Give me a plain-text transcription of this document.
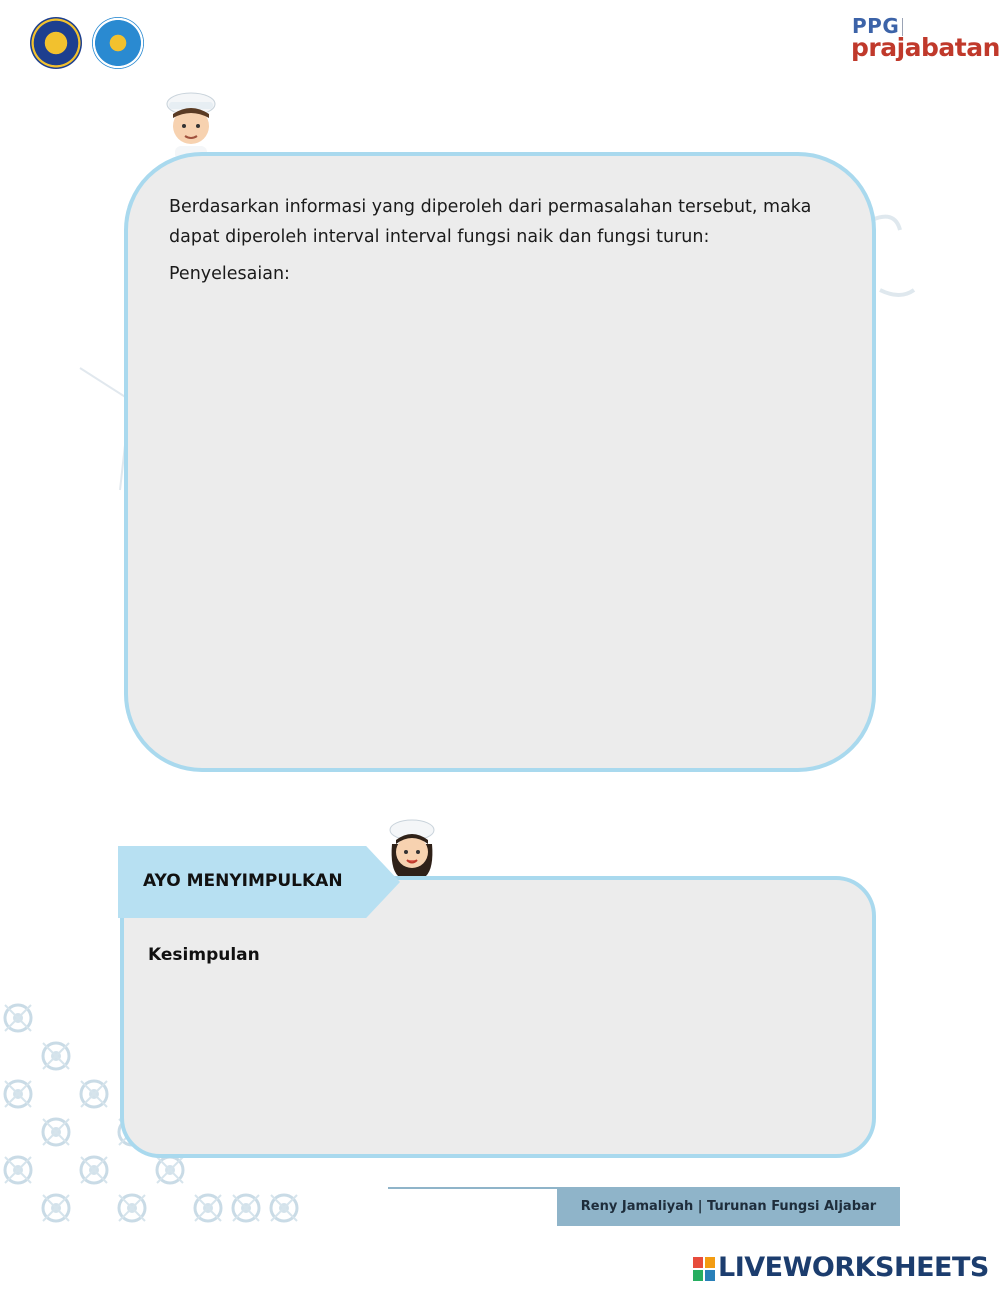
PPG
prajabatan
Berdasarkan informasi yang diperoleh dari permasalahan tersebut, maka dapat diperoleh interval interval fungsi naik dan fungsi turun:
Penyelesaian:
AYO MENYIMPULKAN
Kesimpulan
Reny Jamaliyah | Turunan Fungsi Aljabar
LIVEWORKSHEETS
